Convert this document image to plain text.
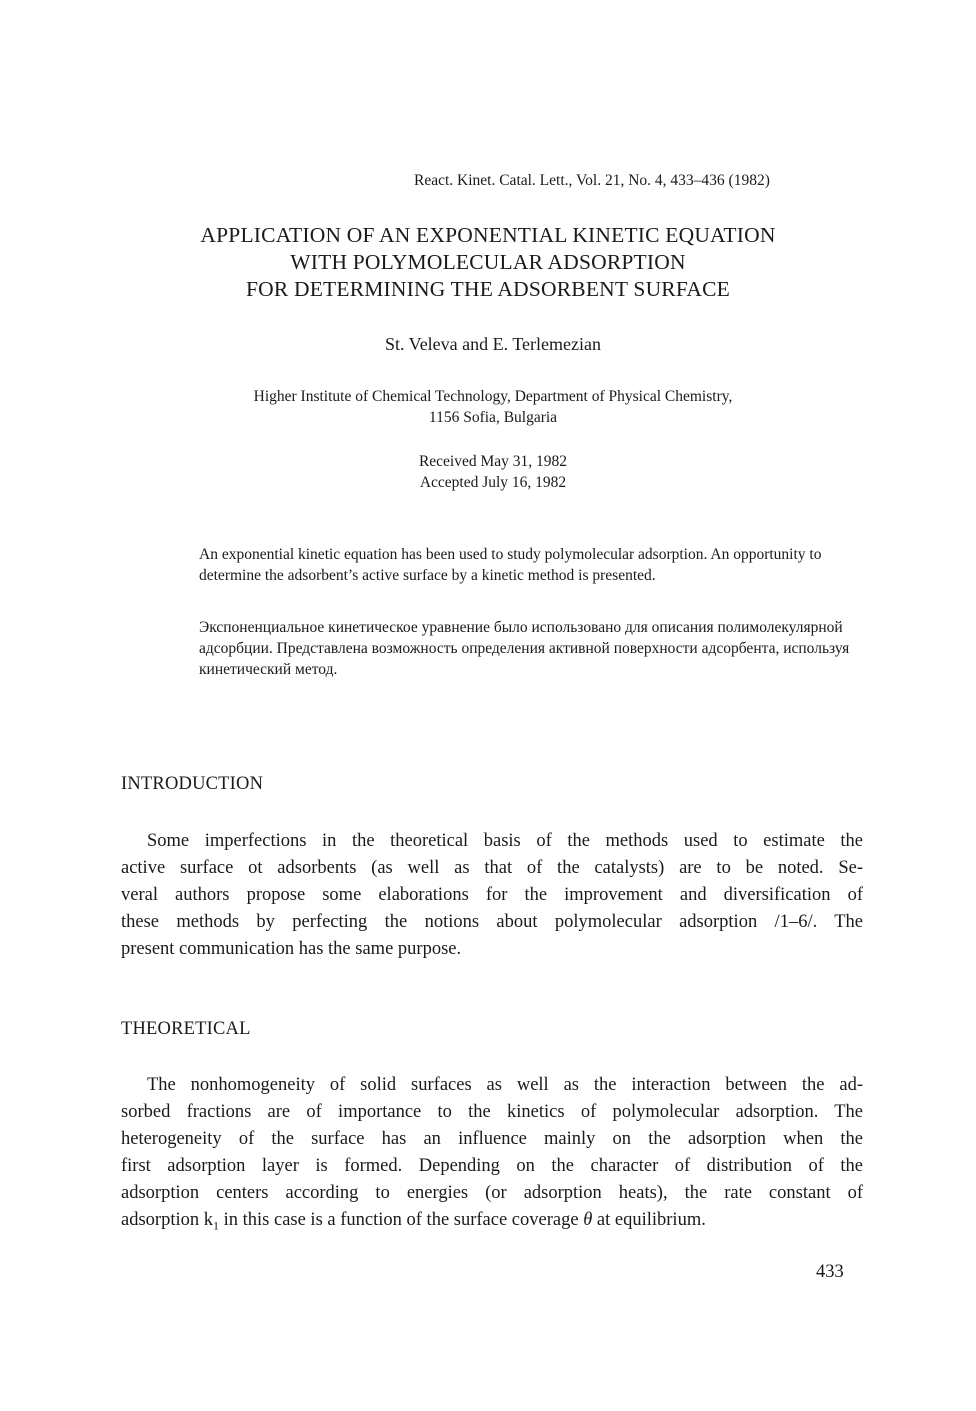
React. Kinet. Catal. Lett., Vol. 21, No. 4, 433–436 (1982)
APPLICATION OF AN EXPONENTIAL KINETIC EQUATION
WITH POLYMOLECULAR ADSORPTION
FOR DETERMINING THE ADSORBENT SURFACE
St. Veleva and E. Terlemezian
Higher Institute of Chemical Technology, Department of Physical Chemistry,
1156 Sofia, Bulgaria
Received May 31, 1982
Accepted July 16, 1982

An exponential kinetic equation has been used to study polymolecular adsorption. An opportunity to determine the adsorbent’s active surface by a kinetic method is presented.

Экспоненциальное кинетическое уравнение было использовано для описания полимолекулярной адсорбции. Представлена возможность определения активной поверхности адсорбента, используя кинетический метод.

INTRODUCTION
Some imperfections in the theoretical basis of the methods used to estimate the
active surface ot adsorbents (as well as that of the catalysts) are to be noted. Se-
veral authors propose some elaborations for the improvement and diversification of
these methods by perfecting the notions about polymolecular adsorption /1–6/. The
present communication has the same purpose.
THEORETICAL
The nonhomogeneity of solid surfaces as well as the interaction between the ad-
sorbed fractions are of importance to the kinetics of polymolecular adsorption. The
heterogeneity of the surface has an influence mainly on the adsorption when the
first adsorption layer is formed. Depending on the character of distribution of the
adsorption centers according to energies (or adsorption heats), the rate constant of
adsorption $k_1$ in this case is a function of the surface coverage θ at equilibrium.
433
